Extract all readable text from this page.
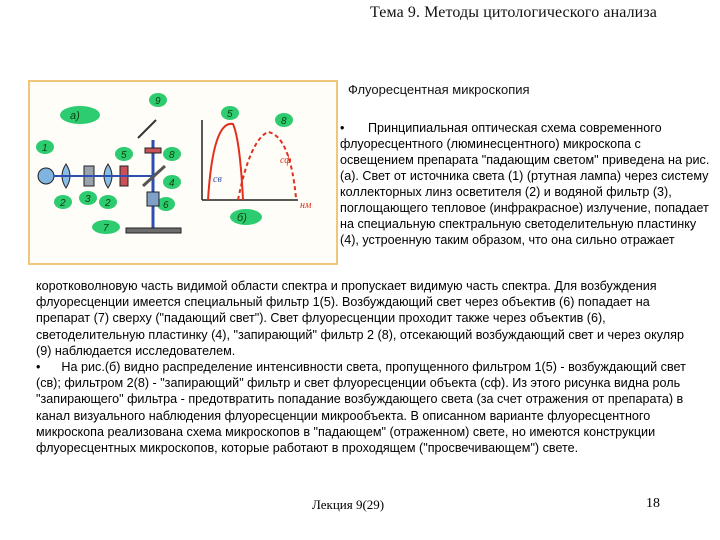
Тема 9. Методы цитологического анализа
Флуоресцентная микроскопия
а)
9
1
5	8
4
2 3 2	6
7
5
8
св
сф
нм
б)
•	Принципиальная оптическая схема современного флуоресцентного (люминесцентного) микроскопа с освещением препарата "падающим светом" приведена на рис.(а). Свет от источника света (1) (ртутная лампа) через систему коллекторных линз осветителя (2) и водяной фильтр (3), поглощающего тепловое (инфракрасное) излучение, попадает на специальную спектральную светоделительную пластинку (4), устроенную таким образом, что она сильно отражает

коротковолновую часть видимой области спектра и пропускает видимую часть спектра. Для возбуждения флуоресценции имеется специальный фильтр 1(5). Возбуждающий свет через объектив (6) попадает на препарат (7) сверху ("падающий свет"). Свет флуоресценции проходит также через объектив (6), светоделительную пластинку (4), "запирающий" фильтр 2 (8), отсекающий возбуждающий свет и через окуляр (9) наблюдается исследователем.

• На рис.(б) видно распределение интенсивности света, пропущенного фильтром 1(5) - возбуждающий свет (св); фильтром 2(8) - "запирающий" фильтр и свет флуоресценции объекта (сф). Из этого рисунка видна роль "запирающего" фильтра - предотвратить попадание возбуждающего света (за счет отражения от препарата) в канал визуального наблюдения флуоресценции микрообъекта. В описанном варианте флуоресцентного микроскопа реализована схема микроскопов в "падающем" (отраженном) свете, но имеются конструкции флуоресцентных микроскопов, которые работают в проходящем ("просвечивающем") свете.

Лекция 9(29)	18
